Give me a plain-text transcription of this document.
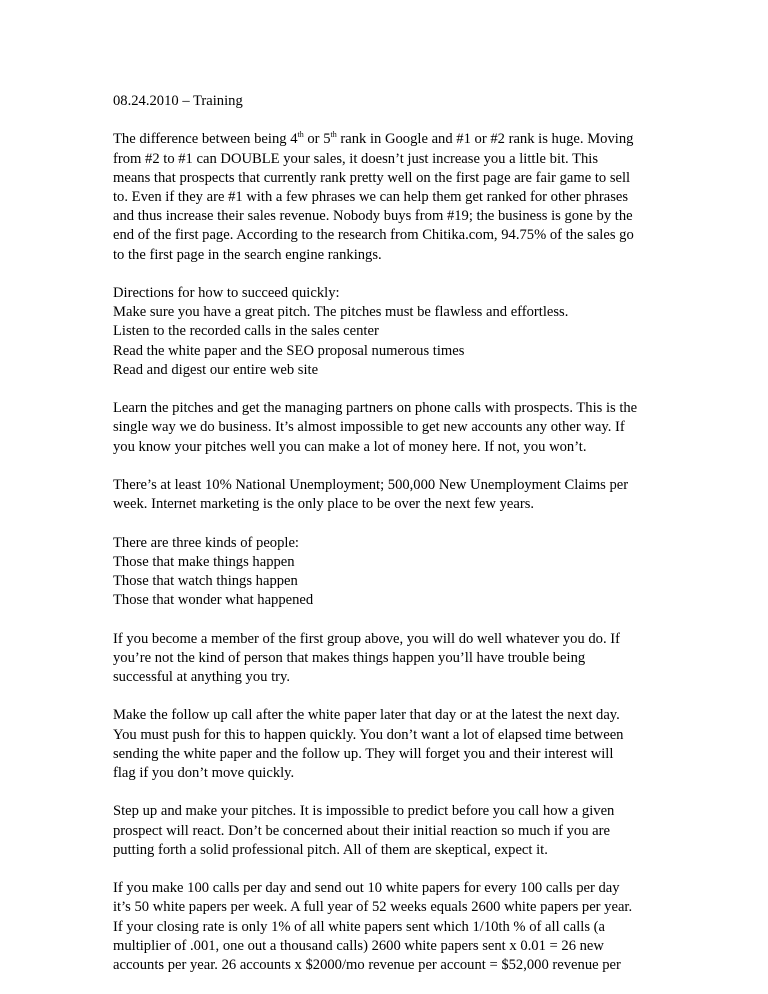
08.24.2010 – Training

The difference between being 4th or 5th rank in Google and #1 or #2 rank is huge. Moving
from #2 to #1 can DOUBLE your sales, it doesn’t just increase you a little bit. This
means that prospects that currently rank pretty well on the first page are fair game to sell
to. Even if they are #1 with a few phrases we can help them get ranked for other phrases
and thus increase their sales revenue. Nobody buys from #19; the business is gone by the
end of the first page. According to the research from Chitika.com, 94.75% of the sales go
to the first page in the search engine rankings.

Directions for how to succeed quickly:
Make sure you have a great pitch. The pitches must be flawless and effortless.
Listen to the recorded calls in the sales center
Read the white paper and the SEO proposal numerous times
Read and digest our entire web site

Learn the pitches and get the managing partners on phone calls with prospects. This is the
single way we do business. It’s almost impossible to get new accounts any other way. If
you know your pitches well you can make a lot of money here. If not, you won’t.

There’s at least 10% National Unemployment; 500,000 New Unemployment Claims per
week. Internet marketing is the only place to be over the next few years.

There are three kinds of people:
Those that make things happen
Those that watch things happen
Those that wonder what happened

If you become a member of the first group above, you will do well whatever you do. If
you’re not the kind of person that makes things happen you’ll have trouble being
successful at anything you try.

Make the follow up call after the white paper later that day or at the latest the next day.
You must push for this to happen quickly. You don’t want a lot of elapsed time between
sending the white paper and the follow up. They will forget you and their interest will
flag if you don’t move quickly.

Step up and make your pitches. It is impossible to predict before you call how a given
prospect will react. Don’t be concerned about their initial reaction so much if you are
putting forth a solid professional pitch. All of them are skeptical, expect it.

If you make 100 calls per day and send out 10 white papers for every 100 calls per day
it’s 50 white papers per week. A full year of 52 weeks equals 2600 white papers per year.
If your closing rate is only 1% of all white papers sent which 1/10th % of all calls (a
multiplier of .001, one out a thousand calls) 2600 white papers sent x 0.01 = 26 new
accounts per year. 26 accounts x $2000/mo revenue per account = $52,000 revenue per
